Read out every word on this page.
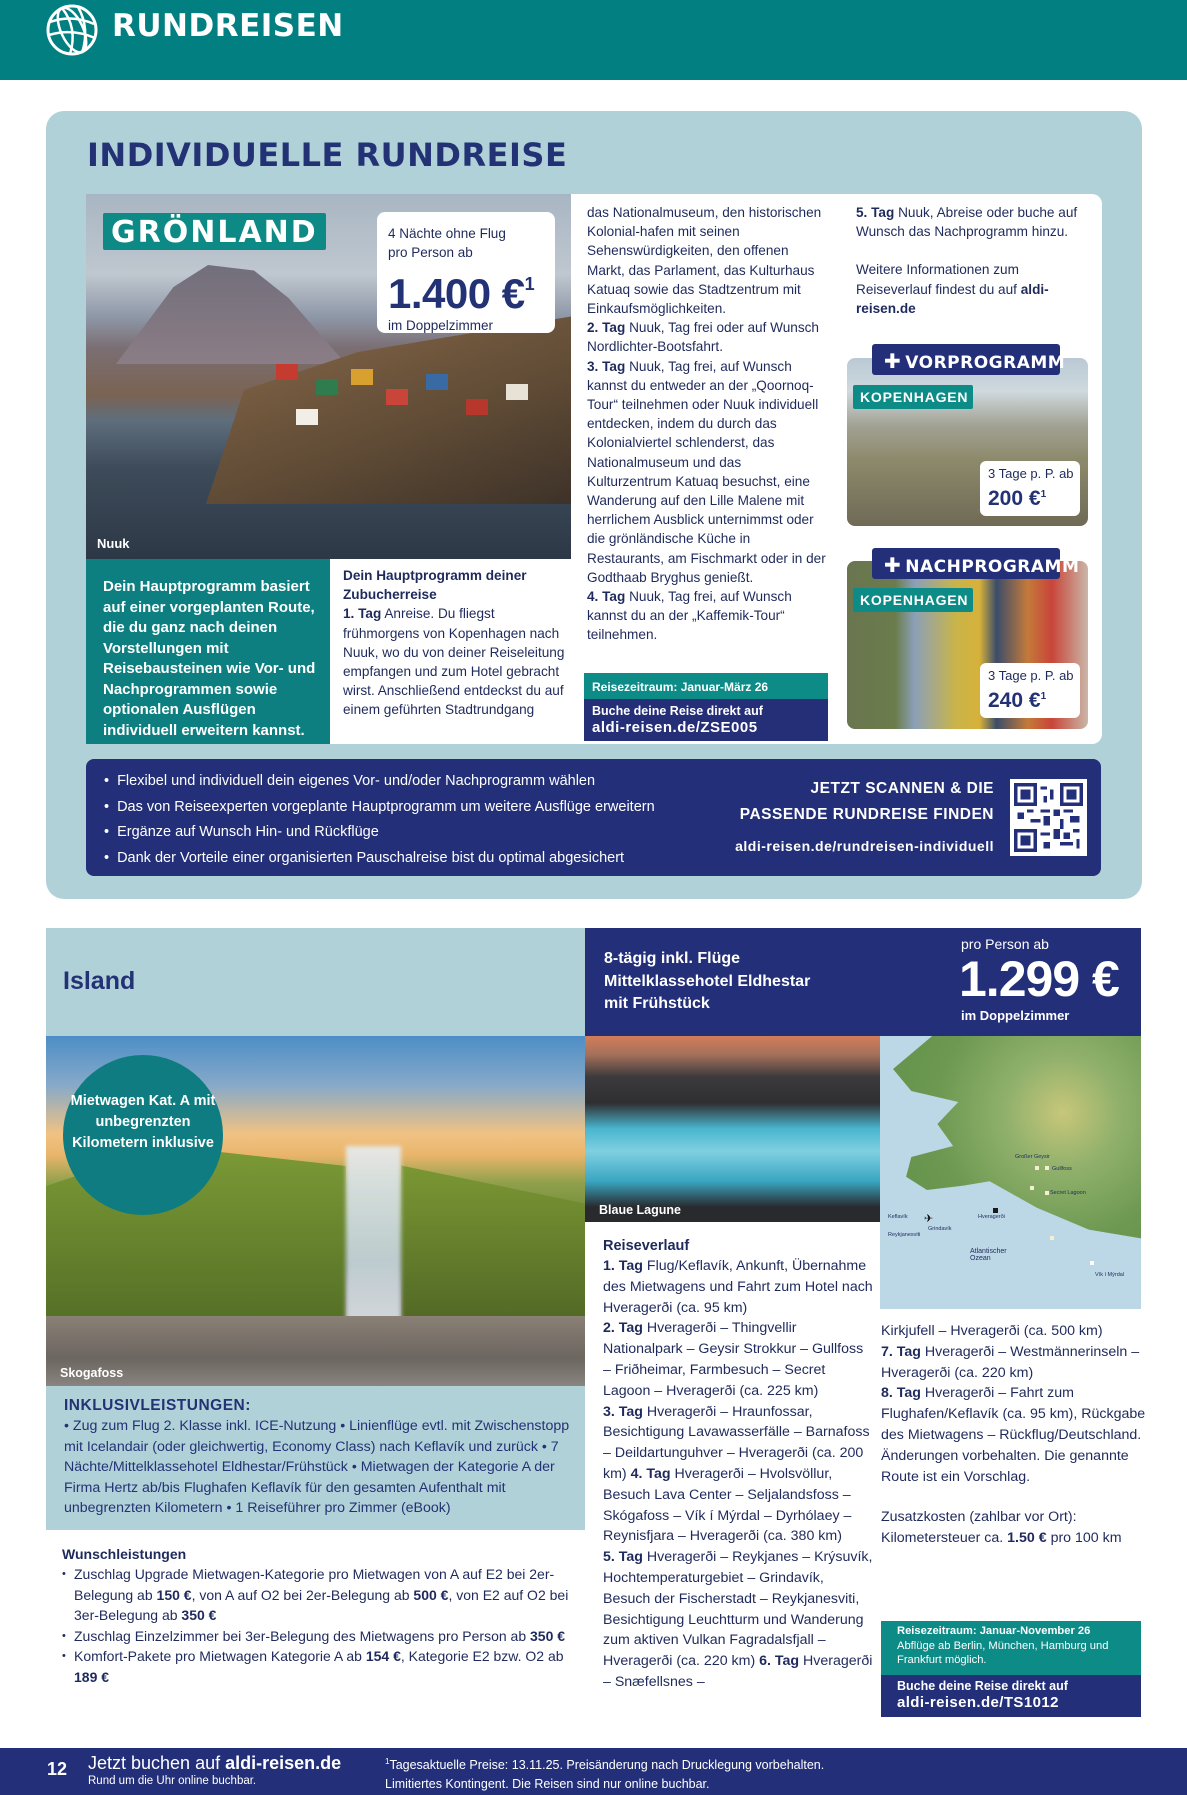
RUNDREISEN
INDIVIDUELLE RUNDREISE
GRÖNLAND
Nuuk
4 Nächte ohne Flug
pro Person ab
1.400 €$^1$
im Doppelzimmer
Dein Hauptprogramm basiert auf einer vorgeplanten Route, die du ganz nach deinen Vorstellungen mit Reisebausteinen wie Vor- und Nachprogrammen sowie optionalen Ausflügen individuell erweitern kannst.
Dein Hauptprogramm deiner Zubucherreise
1. Tag Anreise. Du fliegst frühmorgens von Kopenhagen nach Nuuk, wo du von deiner Reiseleitung empfangen und zum Hotel gebracht wirst. Anschließend entdeckst du auf einem geführten Stadtrundgang
das Nationalmuseum, den historischen Kolonial-hafen mit seinen Sehenswürdigkeiten, den offenen Markt, das Parlament, das Kulturhaus Katuaq sowie das Stadtzentrum mit Einkaufsmöglichkeiten.
2. Tag Nuuk, Tag frei oder auf Wunsch Nordlichter-Bootsfahrt.
3. Tag Nuuk, Tag frei, auf Wunsch kannst du entweder an der „Qoornoq-Tour“ teilnehmen oder Nuuk individuell entdecken, indem du durch das Kolonialviertel schlenderst, das Nationalmuseum und das Kulturzentrum Katuaq besuchst, eine Wanderung auf den Lille Malene mit herrlichem Ausblick unternimmst oder die grönländische Küche in Restaurants, am Fischmarkt oder in der Godthaab Bryghus genießt.
4. Tag Nuuk, Tag frei, auf Wunsch kannst du an der „Kaffemik-Tour“ teilnehmen.
Reisezeitraum: Januar-März 26
Buche deine Reise direkt auf
aldi-reisen.de/ZSE005
5. Tag Nuuk, Abreise oder buche auf Wunsch das Nachprogramm hinzu.
Weitere Informationen zum Reiseverlauf findest du auf aldi-reisen.de
✚ VORPROGRAMM
KOPENHAGEN
3 Tage p. P. ab
200 €$^1$
✚ NACHPROGRAMM
KOPENHAGEN
3 Tage p. P. ab
240 €$^1$
• Flexibel und individuell dein eigenes Vor- und/oder Nachprogramm wählen
• Das von Reiseexperten vorgeplante Hauptprogramm um weitere Ausflüge erweitern
• Ergänze auf Wunsch Hin- und Rückflüge
• Dank der Vorteile einer organisierten Pauschalreise bist du optimal abgesichert
JETZT SCANNEN & DIE
PASSENDE RUNDREISE FINDEN
aldi-reisen.de/rundreisen-individuell
Island
8-tägig inkl. Flüge
Mittelklassehotel Eldhestar
mit Frühstück
pro Person ab
1.299 €
im Doppelzimmer
Mietwagen Kat. A mit unbegrenzten Kilometern inklusive
Skogafoss
Blaue Lagune	Keflavík
Reykjanesviti
Grindavík
Hveragerði
Atlantischer Ozean
Großer Geysir
Gullfoss
Secret Lagoon
Vík í Mýrdal
✈
INKLUSIVLEISTUNGEN:

• Zug zum Flug 2. Klasse inkl. ICE-Nutzung • Linienflüge evtl. mit Zwischenstopp mit Icelandair (oder gleichwertig, Economy Class) nach Keflavík und zurück • 7 Nächte/Mittelklassehotel Eldhestar/Frühstück • Mietwagen der Kategorie A der Firma Hertz ab/bis Flughafen Keflavík für den gesamten Aufenthalt mit unbegrenzten Kilometern • 1 Reiseführer pro Zimmer (eBook)

Wunschleistungen
• Zuschlag Upgrade Mietwagen-Kategorie pro Mietwagen von A auf E2 bei 2er-Belegung ab 150 €, von A auf O2 bei 2er-Belegung ab 500 €, von E2 auf O2 bei 3er-Belegung ab 350 €
• Zuschlag Einzelzimmer bei 3er-Belegung des Mietwagens pro Person ab 350 €
• Komfort-Pakete pro Mietwagen Kategorie A ab 154 €, Kategorie E2 bzw. O2 ab 189 €
Reiseverlauf
1. Tag Flug/Keflavík, Ankunft, Übernahme des Mietwagens und Fahrt zum Hotel nach Hveragerði (ca. 95 km)
2. Tag Hveragerði – Thingvellir Nationalpark – Geysir Strokkur – Gullfoss – Friðheimar, Farmbesuch – Secret Lagoon – Hveragerði (ca. 225 km)
3. Tag Hveragerði – Hraunfossar, Besichtigung Lavawasserfälle – Barnafoss – Deildartunguhver – Hveragerði (ca. 200 km) 4. Tag Hveragerði – Hvolsvöllur, Besuch Lava Center – Seljalandsfoss – Skógafoss – Vík í Mýrdal – Dyrhólaey – Reynisfjara – Hveragerði (ca. 380 km)
5. Tag Hveragerði – Reykjanes – Krýsuvík, Hochtemperaturgebiet – Grindavík, Besuch der Fischerstadt – Reykjanesviti, Besichtigung Leuchtturm und Wanderung zum aktiven Vulkan Fagradalsfjall – Hveragerði (ca. 220 km) 6. Tag Hveragerði – Snæfellsnes –
Kirkjufell – Hveragerði (ca. 500 km)
7. Tag Hveragerði – Westmännerinseln – Hveragerði (ca. 220 km)
8. Tag Hveragerði – Fahrt zum Flughafen/Keflavík (ca. 95 km), Rückgabe des Mietwagens – Rückflug/Deutschland.
Änderungen vorbehalten. Die genannte Route ist ein Vorschlag.
Zusatzkosten (zahlbar vor Ort):
Kilometersteuer ca. 1.50 € pro 100 km
Reisezeitraum: Januar-November 26
Abflüge ab Berlin, München, Hamburg und Frankfurt möglich.
Buche deine Reise direkt auf
aldi-reisen.de/TS1012
12 Jetzt buchen auf aldi-reisen.de
Rund um die Uhr online buchbar.
$^1$Tagesaktuelle Preise: 13.11.25. Preisänderung nach Drucklegung vorbehalten.
Limitiertes Kontingent. Die Reisen sind nur online buchbar.
